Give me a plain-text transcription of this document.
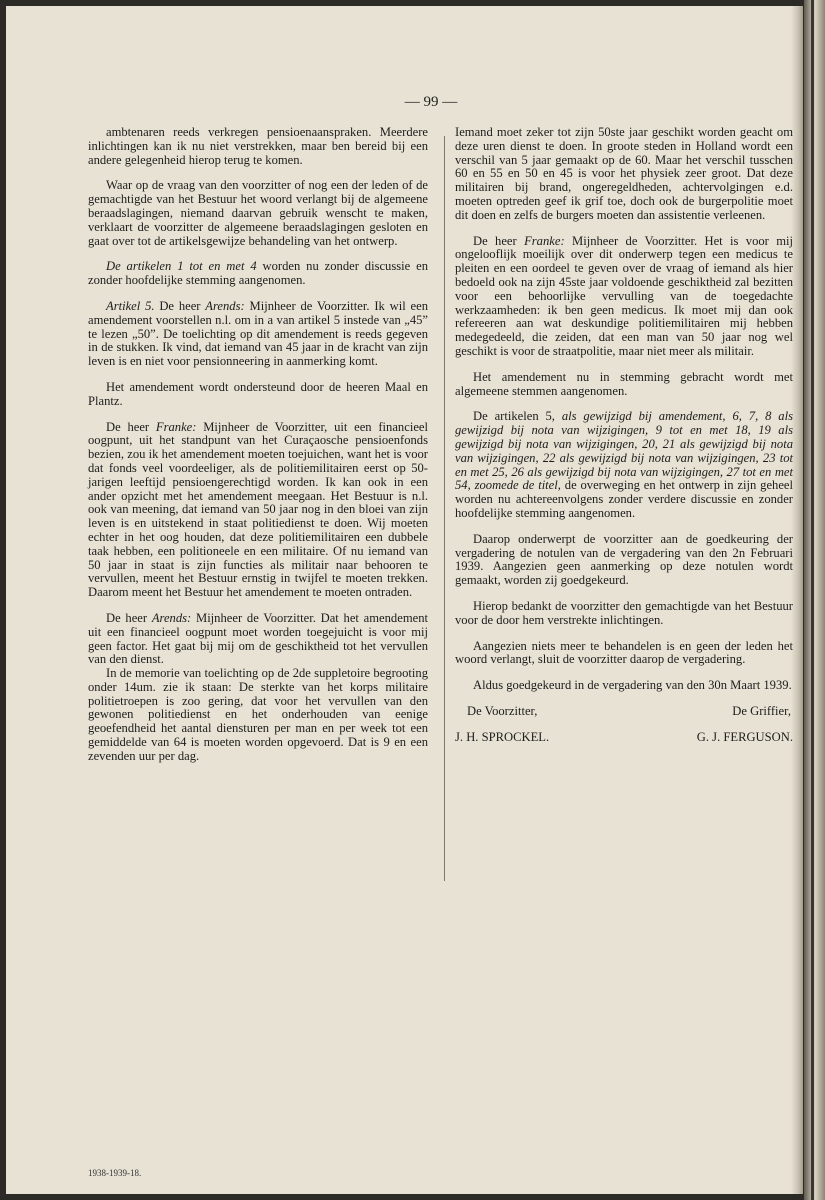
— 99 —

ambtenaren reeds verkregen pensioenaanspraken. Meerdere inlichtingen kan ik nu niet verstrekken, maar ben bereid bij een andere gelegenheid hierop terug te komen.

Waar op de vraag van den voorzitter of nog een der leden of de gemachtigde van het Bestuur het woord verlangt bij de algemeene beraadslagingen, niemand daarvan gebruik wenscht te maken, verklaart de voorzitter de algemeene beraadslagingen gesloten en gaat over tot de artikelsgewijze behandeling van het ontwerp.

De artikelen 1 tot en met 4 worden nu zonder discussie en zonder hoofdelijke stemming aangenomen.

Artikel 5. De heer Arends: Mijnheer de Voorzitter. Ik wil een amendement voorstellen n.l. om in a van artikel 5 instede van „45” te lezen „50”. De toelichting op dit amendement is reeds gegeven in de stukken. Ik vind, dat iemand van 45 jaar in de kracht van zijn leven is en niet voor pensionneering in aanmerking komt.

Het amendement wordt ondersteund door de heeren Maal en Plantz.

De heer Franke: Mijnheer de Voorzitter, uit een financieel oogpunt, uit het standpunt van het Curaçaosche pensioenfonds bezien, zou ik het amendement moeten toejuichen, want het is voor dat fonds veel voordeeliger, als de politiemilitairen eerst op 50-jarigen leeftijd pensioengerechtigd worden. Ik kan ook in een ander opzicht met het amendement meegaan. Het Bestuur is n.l. ook van meening, dat iemand van 50 jaar nog in den bloei van zijn leven is en uitstekend in staat politiedienst te doen. Wij moeten echter in het oog houden, dat deze politiemilitairen een dubbele taak hebben, een politioneele en een militaire. Of nu iemand van 50 jaar in staat is zijn functies als militair naar behooren te vervullen, meent het Bestuur ernstig in twijfel te moeten trekken. Daarom meent het Bestuur het amendement te moeten ontraden.

De heer Arends: Mijnheer de Voorzitter. Dat het amendement uit een financieel oogpunt moet worden toegejuicht is voor mij geen factor. Het gaat bij mij om de geschiktheid tot het vervullen van den dienst.

In de memorie van toelichting op de 2de suppletoire begrooting onder 14um. zie ik staan: De sterkte van het korps militaire politietroepen is zoo gering, dat voor het vervullen van den gewonen politiedienst en het onderhouden van eenige geoefendheid het aantal diensturen per man en per week tot een gemiddelde van 64 is moeten worden opgevoerd. Dat is 9 en een zevenden uur per dag.

Iemand moet zeker tot zijn 50ste jaar geschikt worden geacht om deze uren dienst te doen. In groote steden in Holland wordt een verschil van 5 jaar gemaakt op de 60. Maar het verschil tusschen 60 en 55 en 50 en 45 is voor het physiek zeer groot. Dat deze militairen bij brand, ongeregeldheden, achtervolgingen e.d. moeten optreden geef ik grif toe, doch ook de burgerpolitie moet dit doen en zelfs de burgers moeten dan assistentie verleenen.

De heer Franke: Mijnheer de Voorzitter. Het is voor mij ongelooflijk moeilijk over dit onderwerp tegen een medicus te pleiten en een oordeel te geven over de vraag of iemand als hier bedoeld ook na zijn 45ste jaar voldoende geschiktheid zal bezitten voor een behoorlijke vervulling van de toegedachte werkzaamheden: ik ben geen medicus. Ik moet mij dan ook refereeren aan wat deskundige politiemilitairen mij hebben medegedeeld, die zeiden, dat een man van 50 jaar nog wel geschikt is voor de straatpolitie, maar niet meer als militair.

Het amendement nu in stemming gebracht wordt met algemeene stemmen aangenomen.

De artikelen 5, als gewijzigd bij amendement, 6, 7, 8 als gewijzigd bij nota van wijzigingen, 9 tot en met 18, 19 als gewijzigd bij nota van wijzigingen, 20, 21 als gewijzigd bij nota van wijzigingen, 22 als gewijzigd bij nota van wijzigingen, 23 tot en met 25, 26 als gewijzigd bij nota van wijzigingen, 27 tot en met 54, zoomede de titel, de overweging en het ontwerp in zijn geheel worden nu achtereenvolgens zonder verdere discussie en zonder hoofdelijke stemming aangenomen.

Daarop onderwerpt de voorzitter aan de goedkeuring der vergadering de notulen van de vergadering van den 2n Februari 1939. Aangezien geen aanmerking op deze notulen wordt gemaakt, worden zij goedgekeurd.

Hierop bedankt de voorzitter den gemachtigde van het Bestuur voor de door hem verstrekte inlichtingen.

Aangezien niets meer te behandelen is en geen der leden het woord verlangt, sluit de voorzitter daarop de vergadering.

Aldus goedgekeurd in de vergadering van den 30n Maart 1939.

De Voorzitter,	De Griffier,
J. H. SPROCKEL.	G. J. FERGUSON.
1938-1939-18.
